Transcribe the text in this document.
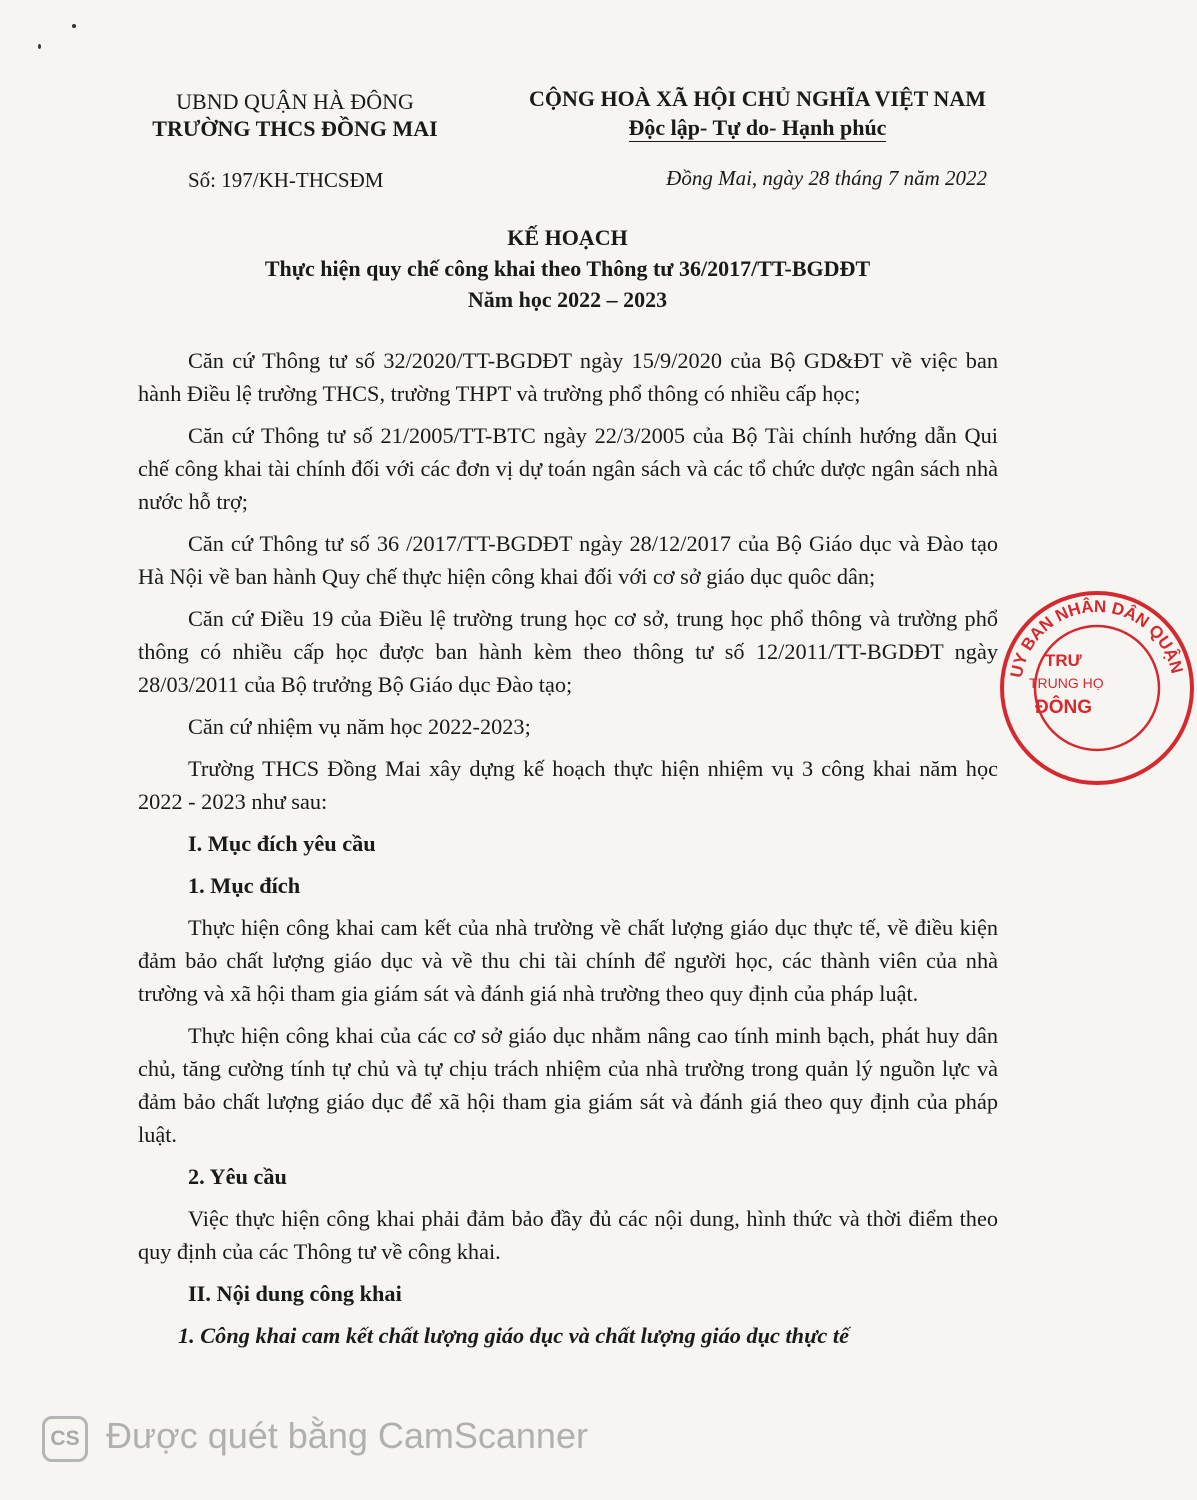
UBND QUẬN HÀ ĐÔNG
TRƯỜNG THCS ĐỒNG MAI
CỘNG HOÀ XÃ HỘI CHỦ NGHĨA VIỆT NAM
Độc lập- Tự do- Hạnh phúc
Số: 197/KH-THCSĐM	Đồng Mai, ngày 28 tháng 7 năm 2022
KẾ HOẠCH
Thực hiện quy chế công khai theo Thông tư 36/2017/TT-BGDĐT
Năm học 2022 – 2023

Căn cứ Thông tư số 32/2020/TT-BGDĐT ngày 15/9/2020 của Bộ GD&ĐT về việc ban hành Điều lệ trường THCS, trường THPT và trường phổ thông có nhiều cấp học;

Căn cứ Thông tư số 21/2005/TT-BTC ngày 22/3/2005 của Bộ Tài chính hướng dẫn Qui chế công khai tài chính đối với các đơn vị dự toán ngân sách và các tổ chức dược ngân sách nhà nước hỗ trợ;

Căn cứ Thông tư số 36 /2017/TT-BGDĐT ngày 28/12/2017 của Bộ Giáo dục và Đào tạo Hà Nội về ban hành Quy chế thực hiện công khai đối với cơ sở giáo dục quôc dân;

Căn cứ Điều 19 của Điều lệ trường trung học cơ sở, trung học phổ thông và trường phổ thông có nhiều cấp học được ban hành kèm theo thông tư số 12/2011/TT-BGDĐT ngày 28/03/2011 của Bộ trưởng Bộ Giáo dục Đào tạo;

Căn cứ nhiệm vụ năm học 2022-2023;

Trường THCS Đồng Mai xây dựng kế hoạch thực hiện nhiệm vụ 3 công khai năm học 2022 - 2023 như sau:

I. Mục đích yêu cầu
1. Mục đích

Thực hiện công khai cam kết của nhà trường về chất lượng giáo dục thực tế, về điều kiện đảm bảo chất lượng giáo dục và về thu chi tài chính để người học, các thành viên của nhà trường và xã hội tham gia giám sát và đánh giá nhà trường theo quy định của pháp luật.

Thực hiện công khai của các cơ sở giáo dục nhằm nâng cao tính minh bạch, phát huy dân chủ, tăng cường tính tự chủ và tự chịu trách nhiệm của nhà trường trong quản lý nguồn lực và đảm bảo chất lượng giáo dục để xã hội tham gia giám sát và đánh giá theo quy định của pháp luật.

2. Yêu cầu

Việc thực hiện công khai phải đảm bảo đầy đủ các nội dung, hình thức và thời điểm theo quy định của các Thông tư về công khai.

II. Nội dung công khai
1. Công khai cam kết chất lượng giáo dục và chất lượng giáo dục thực tế
UY BAN NHÂN DÂN QUẬN
TRƯ
TRUNG HỌ
ĐÔNG
CS Được quét bằng CamScanner
